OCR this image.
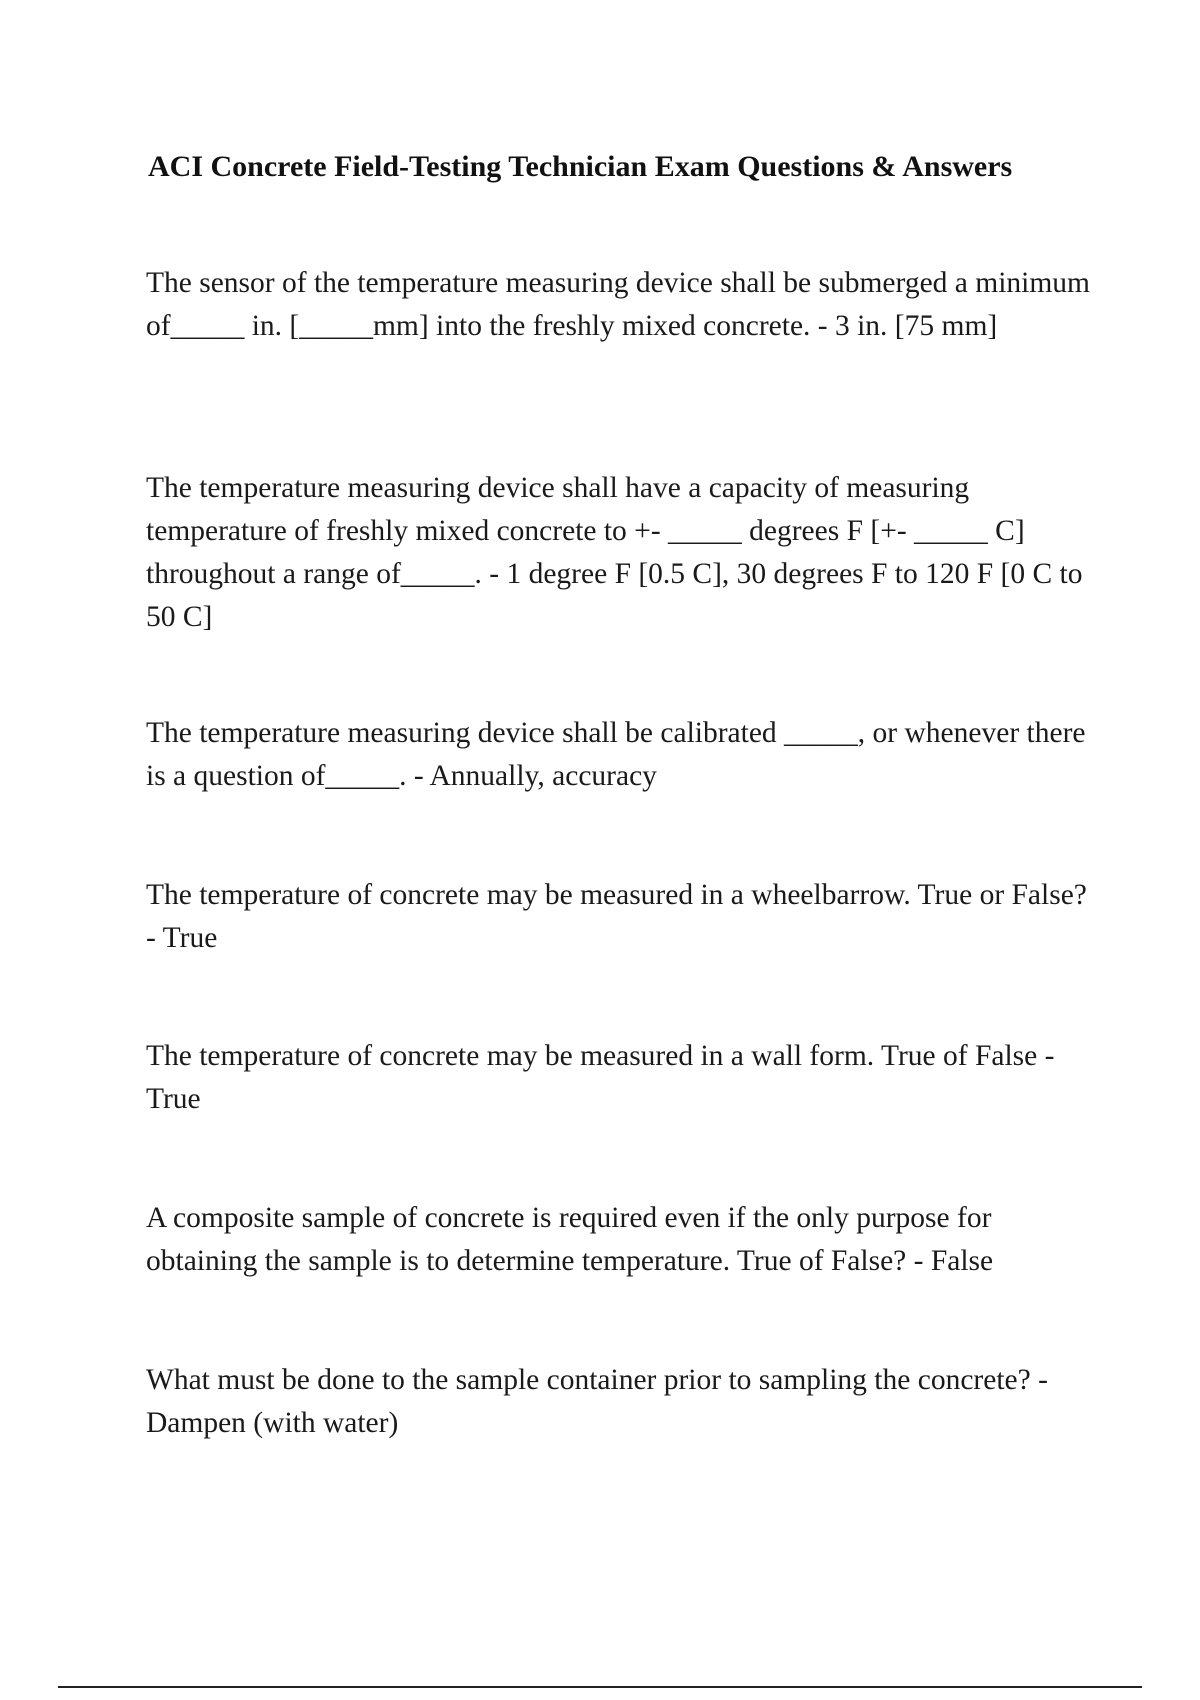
ACI Concrete Field-Testing Technician Exam Questions & Answers

The sensor of the temperature measuring device shall be submerged a minimum of_____ in. [_____mm] into the freshly mixed concrete. - 3 in. [75 mm]

The temperature measuring device shall have a capacity of measuring temperature of freshly mixed concrete to +- _____ degrees F [+- _____ C] throughout a range of_____. - 1 degree F [0.5 C], 30 degrees F to 120 F [0 C to 50 C]

The temperature measuring device shall be calibrated _____, or whenever there is a question of_____. - Annually, accuracy

The temperature of concrete may be measured in a wheelbarrow. True or False? - True

The temperature of concrete may be measured in a wall form. True of False - True

A composite sample of concrete is required even if the only purpose for obtaining the sample is to determine temperature. True of False? - False

What must be done to the sample container prior to sampling the concrete? - Dampen (with water)
